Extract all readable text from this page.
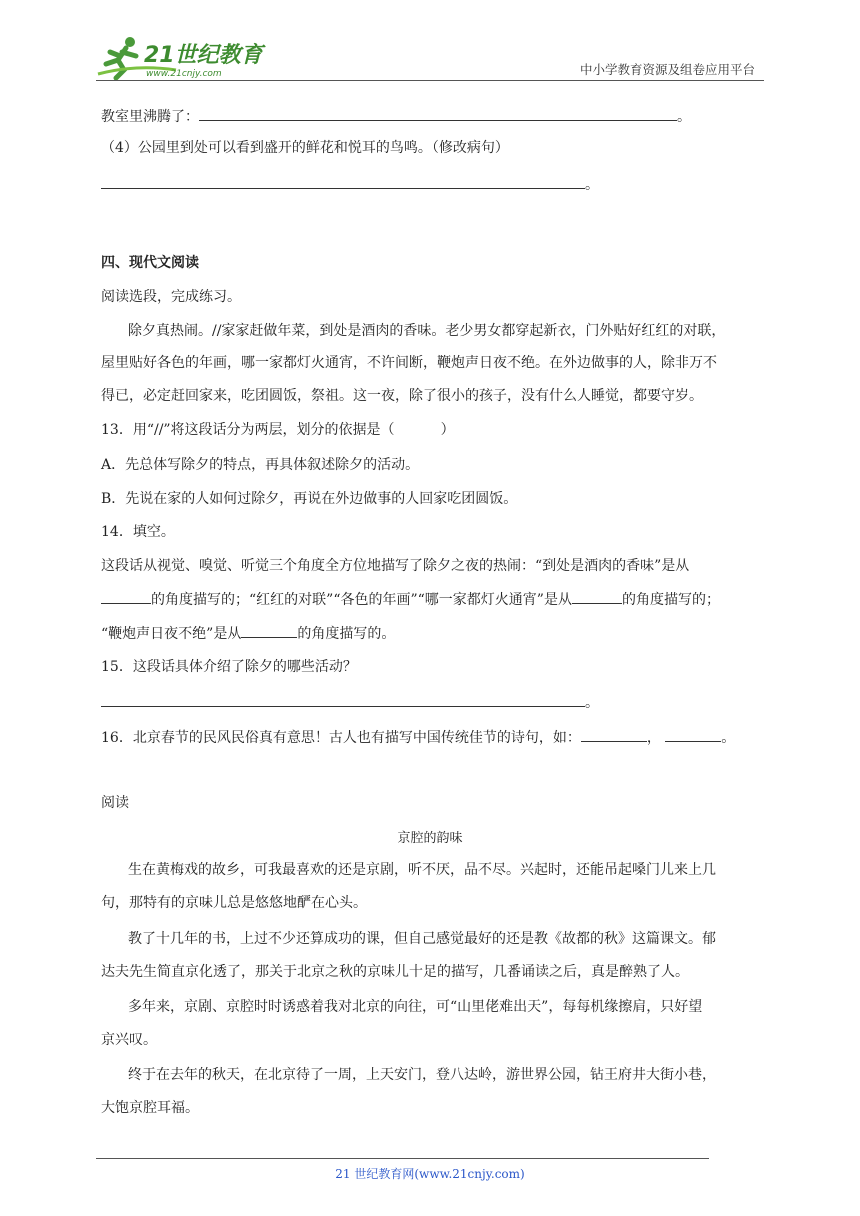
21世纪教育
www.21cnjy.com	中小学教育资源及组卷应用平台
教室里沸腾了：	。
（4）公园里到处可以看到盛开的鲜花和悦耳的鸟鸣。（修改病句）
。
四、现代文阅读
阅读选段，完成练习。
除夕真热闹。//家家赶做年菜，到处是酒肉的香味。老少男女都穿起新衣，门外贴好红红的对联，
屋里贴好各色的年画，哪一家都灯火通宵，不许间断，鞭炮声日夜不绝。在外边做事的人，除非万不
得已，必定赶回家来，吃团圆饭，祭祖。这一夜，除了很小的孩子，没有什么人睡觉，都要守岁。
13．用“//”将这段话分为两层，划分的依据是（	）
A．先总体写除夕的特点，再具体叙述除夕的活动。
B．先说在家的人如何过除夕，再说在外边做事的人回家吃团圆饭。
14．填空。
这段话从视觉、嗅觉、听觉三个角度全方位地描写了除夕之夜的热闹：“到处是酒肉的香味”是从
的角度描写的；“红红的对联”“各色的年画”“哪一家都灯火通宵”是从	的角度描写的；
“鞭炮声日夜不绝”是从	的角度描写的。
15．这段话具体介绍了除夕的哪些活动？
。
16．北京春节的民风民俗真有意思！古人也有描写中国传统佳节的诗句，如：	，	。
阅读
京腔的韵味
生在黄梅戏的故乡，可我最喜欢的还是京剧，听不厌，品不尽。兴起时，还能吊起嗓门儿来上几
句，那特有的京味儿总是悠悠地酽在心头。
教了十几年的书，上过不少还算成功的课，但自己感觉最好的还是教《故都的秋》这篇课文。郁
达夫先生简直京化透了，那关于北京之秋的京味儿十足的描写，几番诵读之后，真是醉熟了人。
多年来，京剧、京腔时时诱惑着我对北京的向往，可“山里佬难出天”，每每机缘擦肩，只好望
京兴叹。
终于在去年的秋天，在北京待了一周，上天安门，登八达岭，游世界公园，钻王府井大街小巷，
大饱京腔耳福。
21 世纪教育网(www.21cnjy.com)
